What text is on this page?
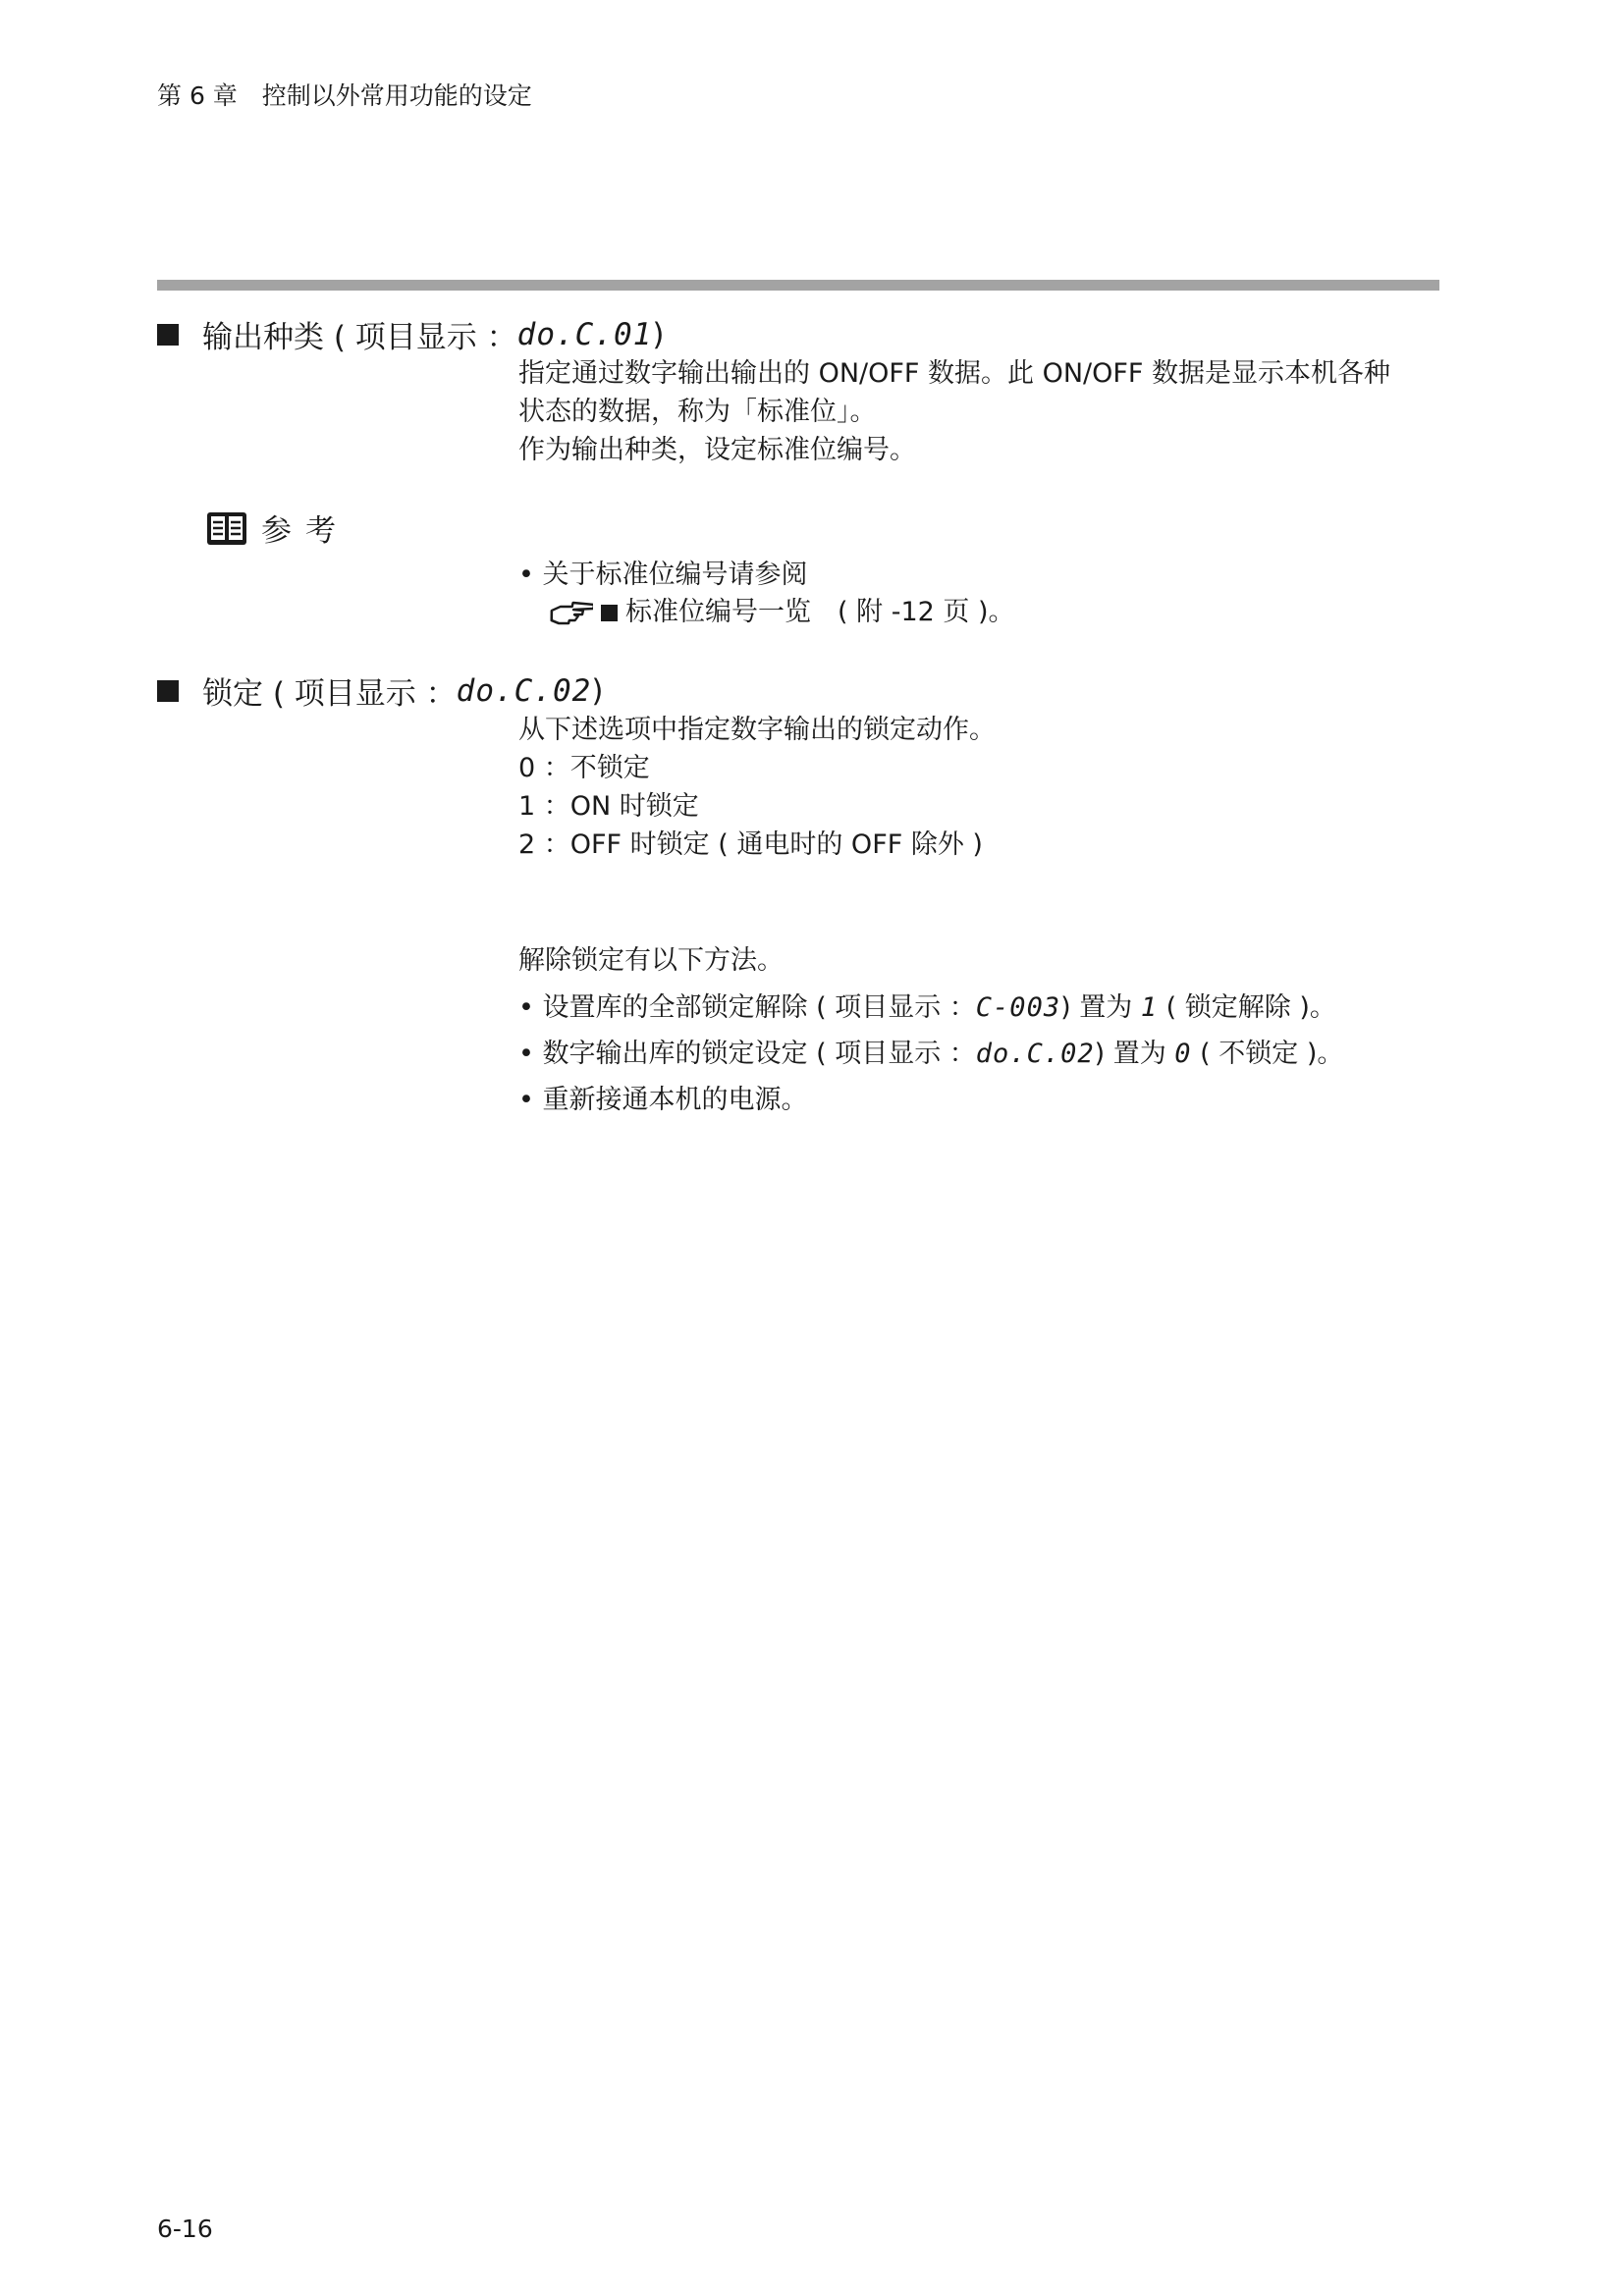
第 6 章　控制以外常用功能的设定
输出种类 ( 项目显示 ： do.C.01 )
指定通过数字输出输出的 ON/OFF 数据。此 ON/OFF 数据是显示本机各种
状态的数据，称为「标准位」。
作为输出种类，设定标准位编号。
参考
• 关于标准位编号请参阅
标准位编号一览　( 附 -12 页 )。
锁定 ( 项目显示 ： do.C.02 )
从下述选项中指定数字输出的锁定动作。
0 ：不锁定
1 ：ON 时锁定
2 ：OFF 时锁定 ( 通电时的 OFF 除外 )
解除锁定有以下方法。
• 设置库的全部锁定解除 ( 项目显示 ：C-003) 置为 1 ( 锁定解除 )。
• 数字输出库的锁定设定 ( 项目显示 ：do.C.02) 置为 0 ( 不锁定 )。
• 重新接通本机的电源。
6-16
